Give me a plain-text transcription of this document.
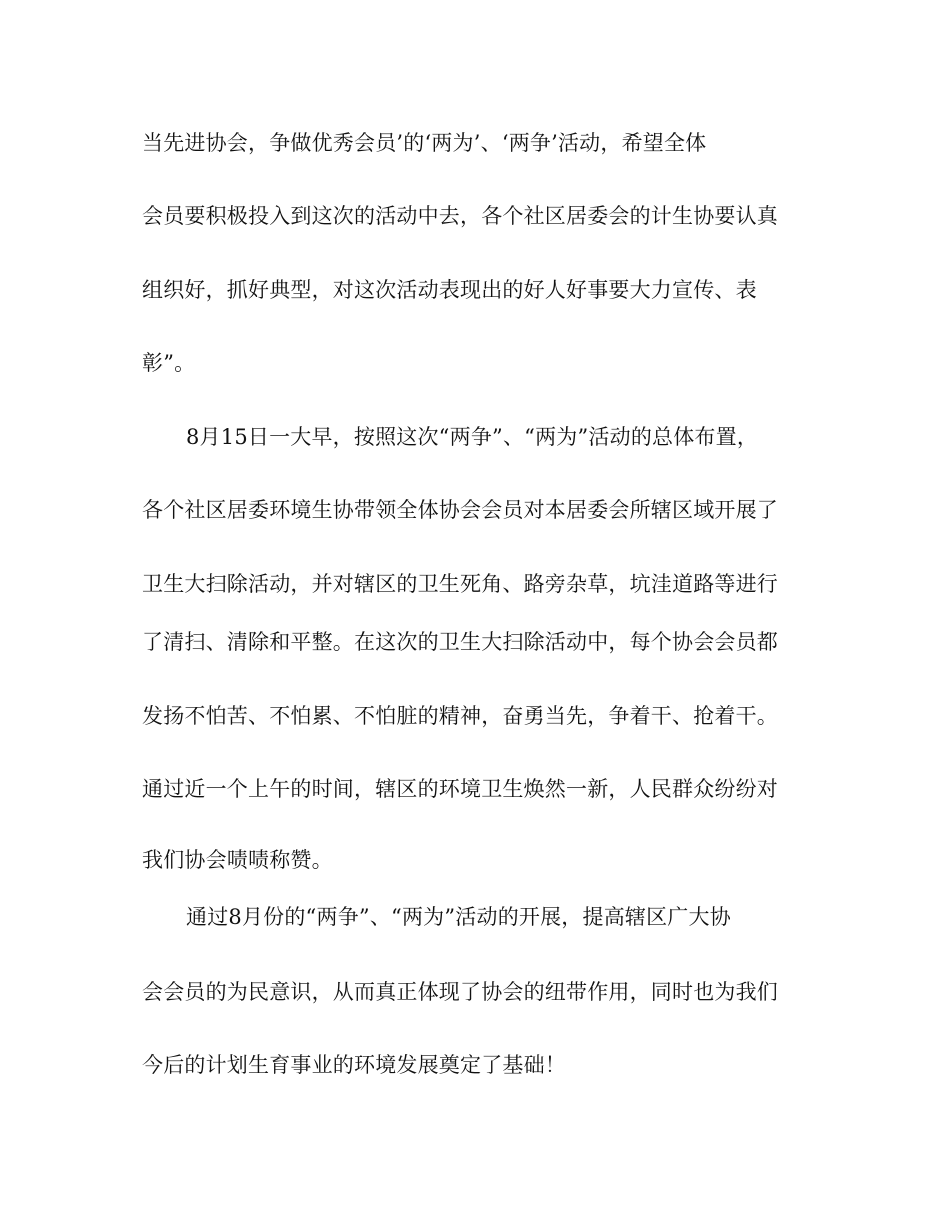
当先进协会，争做优秀会员’的‘两为’、‘两争’活动，希望全体
会员要积极投入到这次的活动中去，各个社区居委会的计生协要认真
组织好，抓好典型，对这次活动表现出的好人好事要大力宣传、表
彰”。
8月15日一大早，按照这次“两争”、“两为”活动的总体布置，
各个社区居委环境生协带领全体协会会员对本居委会所辖区域开展了
卫生大扫除活动，并对辖区的卫生死角、路旁杂草，坑洼道路等进行
了清扫、清除和平整。在这次的卫生大扫除活动中，每个协会会员都
发扬不怕苦、不怕累、不怕脏的精神，奋勇当先，争着干、抢着干。
通过近一个上午的时间，辖区的环境卫生焕然一新，人民群众纷纷对
我们协会啧啧称赞。
通过8月份的“两争”、“两为”活动的开展，提高辖区广大协
会会员的为民意识，从而真正体现了协会的纽带作用，同时也为我们
今后的计划生育事业的环境发展奠定了基础！
